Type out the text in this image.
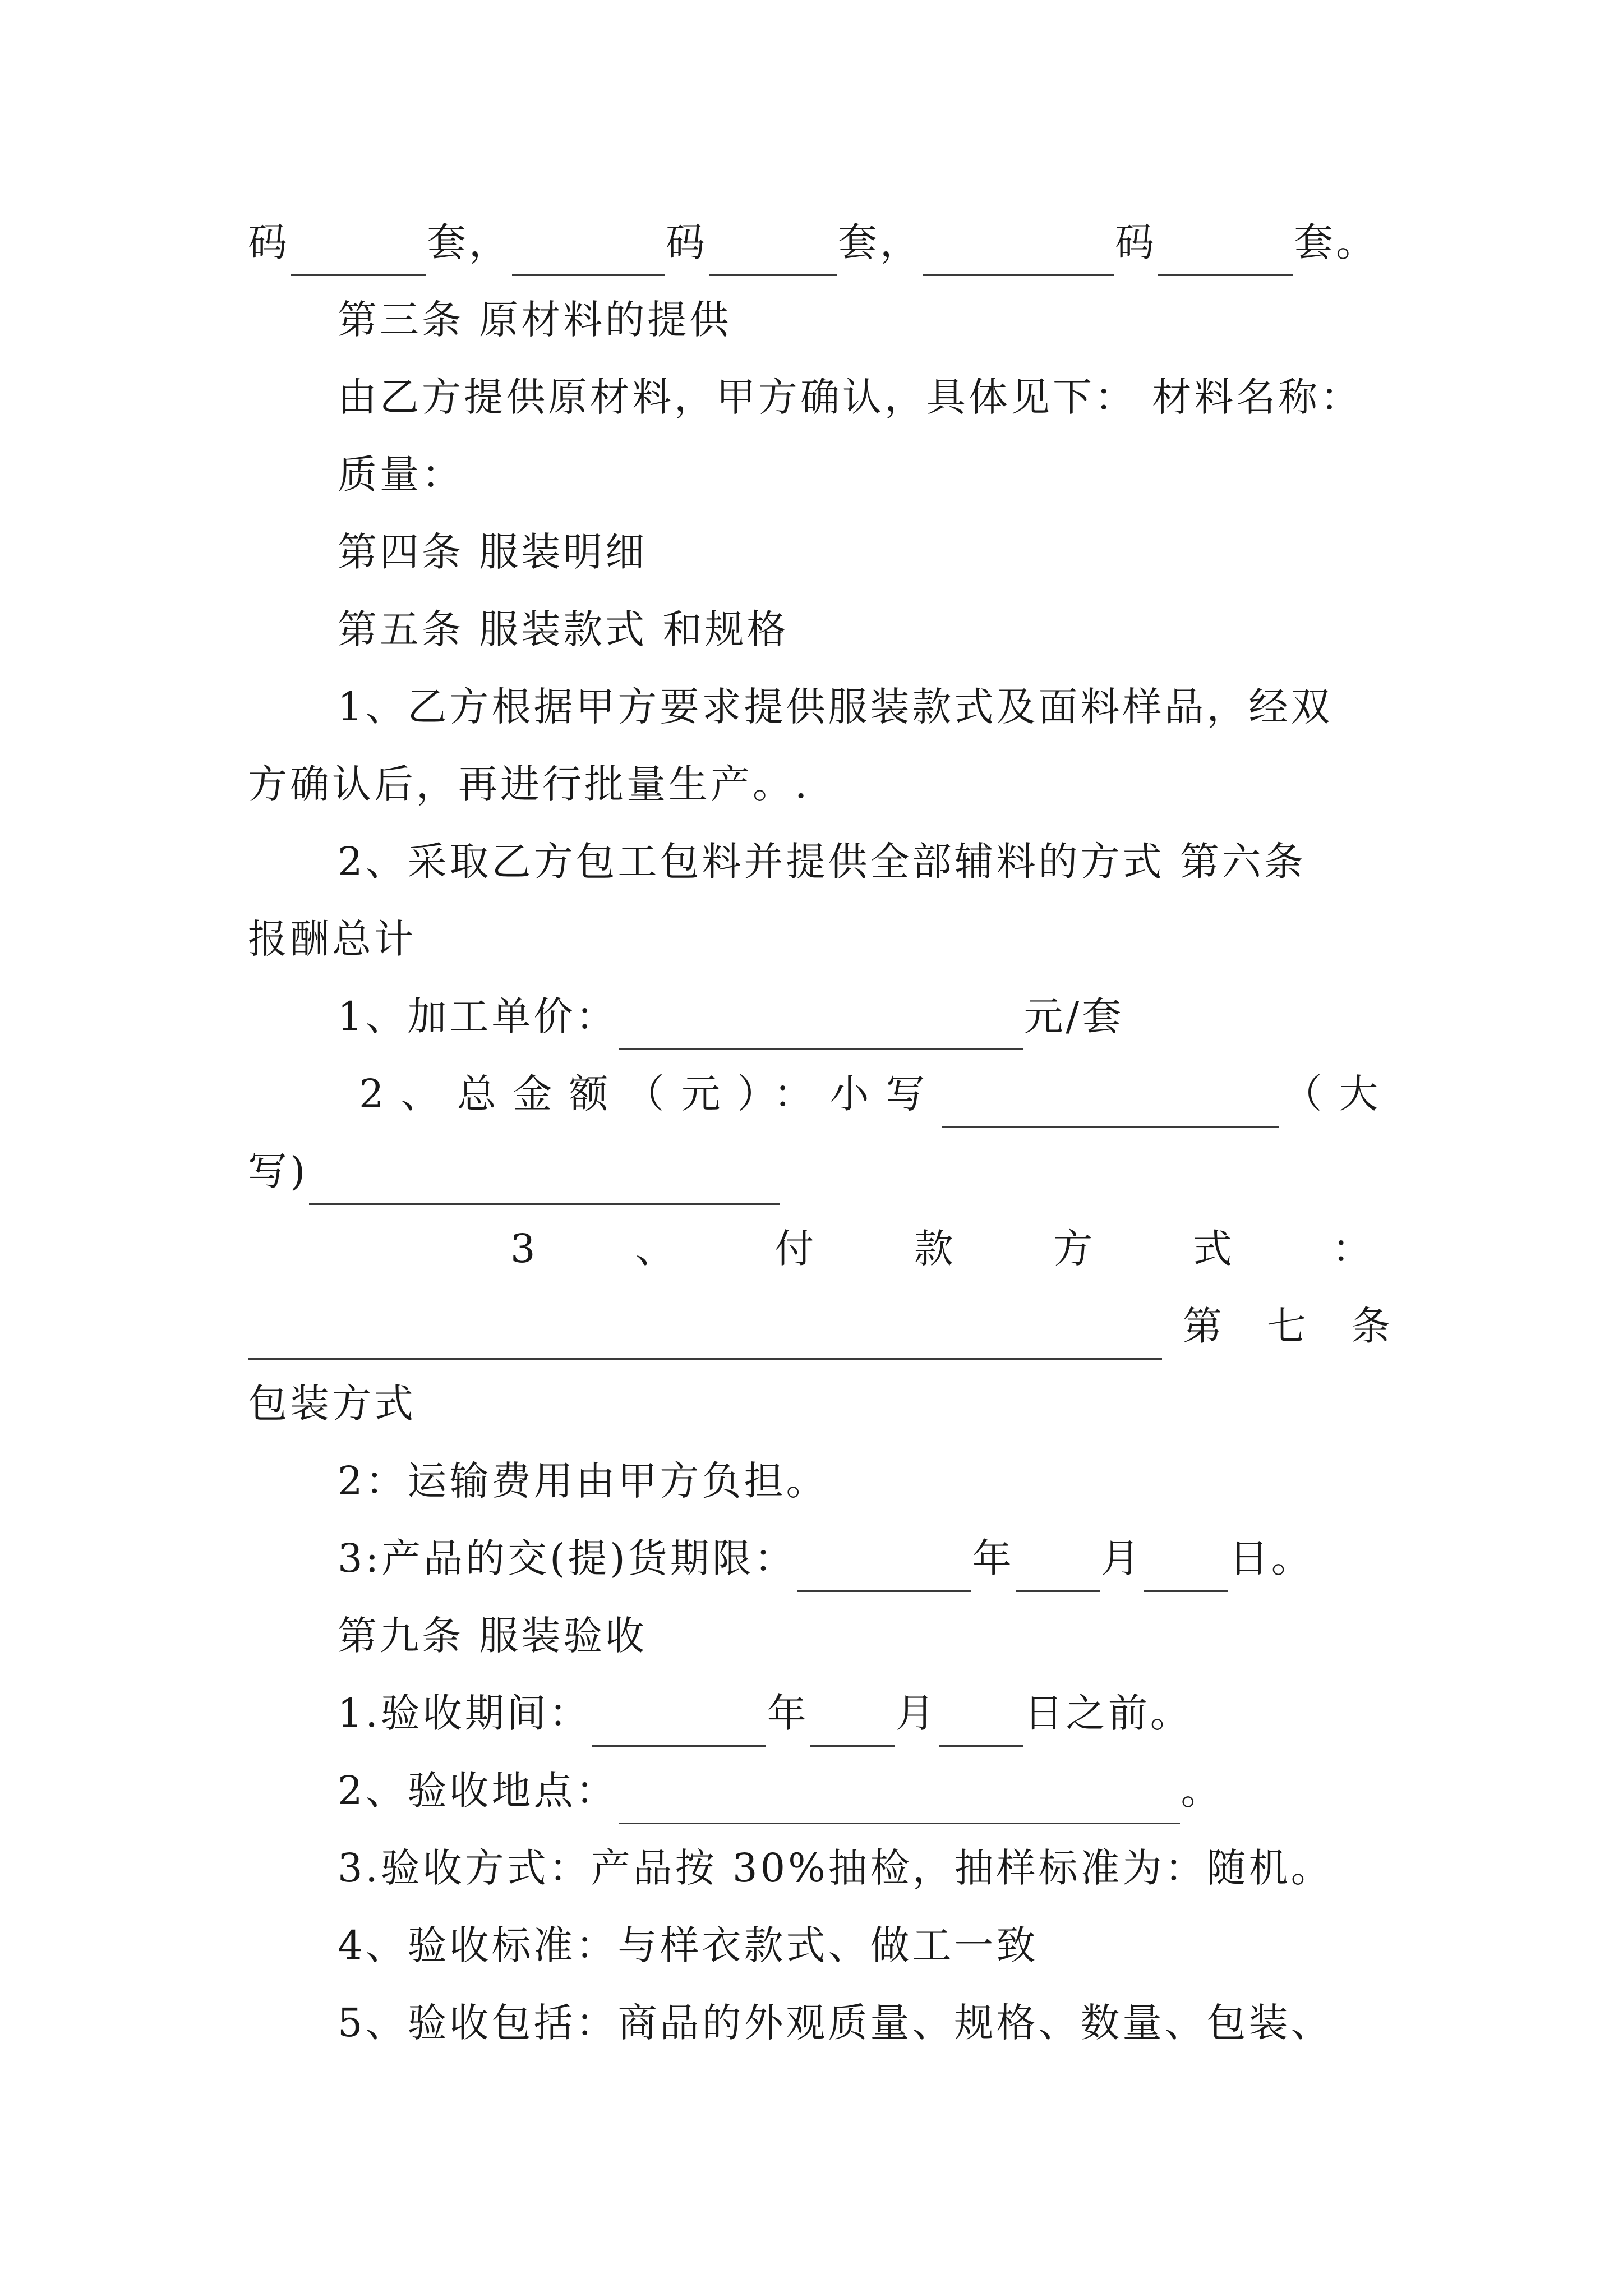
码	套，	码	套，	码	套。
第三条 原材料的提供
由乙方提供原材料，甲方确认，具体见下： 材料名称：
质量：
第四条 服装明细
第五条 服装款式 和规格
1、乙方根据甲方要求提供服装款式及面料样品，经双
方确认后，再进行批量生产。.
2、采取乙方包工包料并提供全部辅料的方式 第六条
报酬总计
1、加工单价：	元/套
2、总金额（元）：小写	（大
写)
3 、 付 款 方 式 ：
第  七  条
包装方式
2：运输费用由甲方负担。
3:产品的交(提)货期限：	年 月 日。
第九条 服装验收
1.验收期间：	年 月 日之前。
2、验收地点：	。
3.验收方式：产品按 30%抽检，抽样标准为：随机。
4、验收标准：与样衣款式、做工一致
5、验收包括：商品的外观质量、规格、数量、包装、
